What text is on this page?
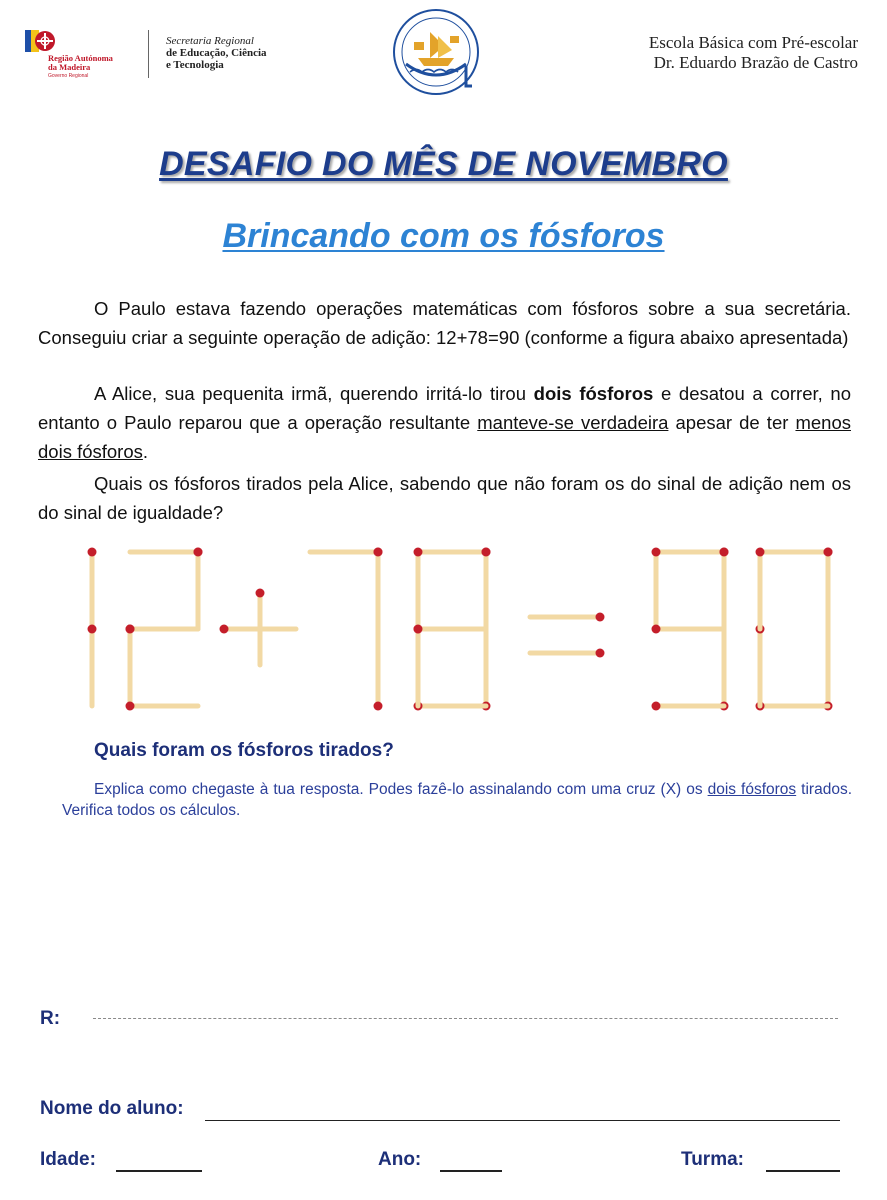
Região Autónoma
da Madeira
Governo Regional
Secretaria Regional
de Educação, Ciência
e Tecnologia
Escola Básica com Pré-escolar
Dr. Eduardo Brazão de Castro
DESAFIO DO MÊS DE NOVEMBRO
Brincando com os fósforos
O Paulo estava fazendo operações matemáticas com fósforos sobre a sua secretária. Conseguiu criar a seguinte operação de adição: 12+78=90 (conforme a figura abaixo apresentada)
A Alice, sua pequenita irmã, querendo irritá-lo tirou dois fósforos e desatou a correr, no entanto o Paulo reparou que a operação resultante manteve-se verdadeira apesar de ter menos dois fósforos.
Quais os fósforos tirados pela Alice, sabendo que não foram os do sinal de adição nem os do sinal de igualdade?
Quais foram os fósforos tirados?
Explica como chegaste à tua resposta. Podes fazê-lo assinalando com uma cruz (X) os dois fósforos tirados. Verifica todos os cálculos.
R:
Nome do aluno:
Idade:	Ano:	Turma:
